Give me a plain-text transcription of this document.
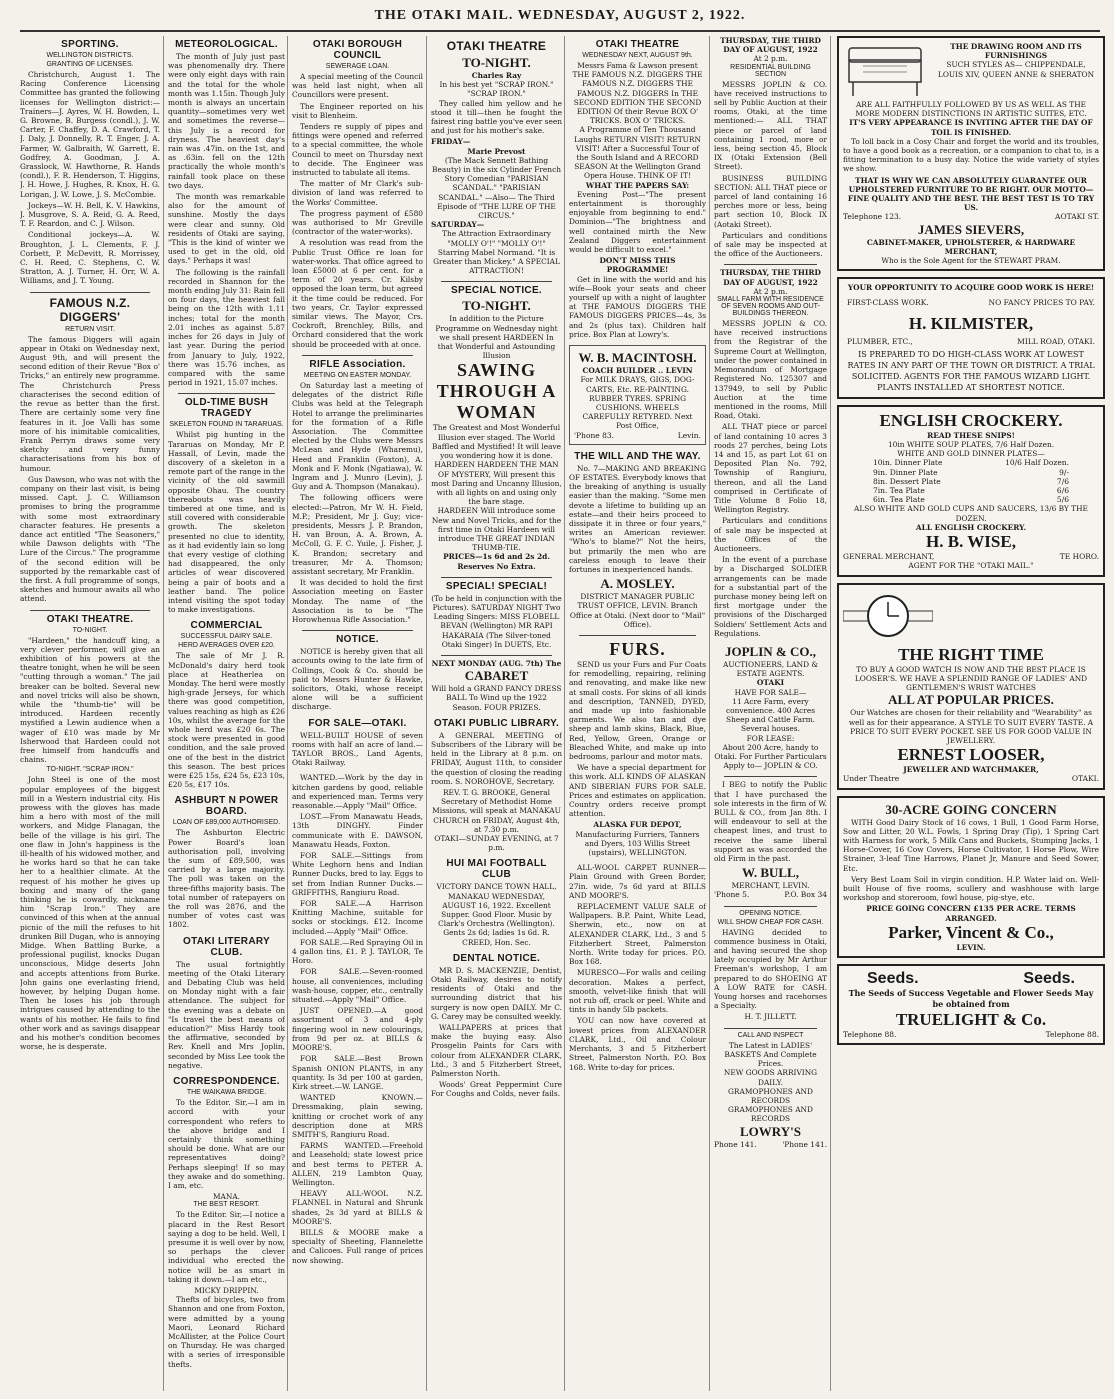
THE OTAKI MAIL. WEDNESDAY, AUGUST 2, 1922.
SPORTING.
WELLINGTON DISTRICTS.
GRANTING OF LICENSES.

Christchurch, August 1. The Racing Conference Licensing Committee has granted the following licenses for Wellington district:— Trainers—J. Ayres, W. H. Bowden, L. G. Browne, B. Burgess (condl.), J. W. Carter, F. Chaffey, D. A. Crawford, T. J. Daly, J. Donnelly, R. T. Enger, J. A. Farmer, W. Galbraith, W. Garrett, E. Godfrey, A. Goodman, J. A. Grasslock, W. Hawthorne, R. Hands (condl.), F. R. Henderson, T. Higgins, J. H. Howe, J. Hughes, R. Knox, H. G. Lorigan, J. W. Lowe, J. S. McCombie.

Jockeys—W. H. Bell, K. V. Hawkins, J. Musgrove, S. A. Reid, G. A. Reed, T. F. Reardon, and C. J. Wilson.

Conditional jockeys—A. W. Broughton, J. L. Clements, F. J. Corbett, P. McDevitt, R. Morrissey, C. H. Reed, C. Stephens, C. W. Stratton, A. J. Turner, H. Orr, W. A. Williams, and J. T. Young.

FAMOUS N.Z. DIGGERS'
RETURN VISIT.

The famous Diggers will again appear in Otaki on Wednesday next, August 9th, and will present the second edition of their Revue "Box o' Tricks," an entirely new programme. The Christchurch Press characterises the second edition of the revue as better than the first. There are certainly some very fine features in it. Joe Valli has some more of his inimitable comicalities, Frank Perryn draws some very sketchy and very funny characterisations from his box of humour.

Gus Dawson, who was not with the company on their last visit, is being missed. Capt. J. C. Williamson promises to bring the programme with some most extraordinary character features. He presents a dance act entitled "The Seasoners," while Dawson delights with "The Lure of the Circus." The programme of the second edition will be supported by the remarkable cast of the first. A full programme of songs, sketches and humour awaits all who attend.

OTAKI THEATRE.
TO-NIGHT.

"Hardeen," the handcuff king, a very clever performer, will give an exhibition of his powers at the theatre tonight, when he will be seen "cutting through a woman." The jail breaker can be bolted. Several new and novel tricks will also be shown, while the "thumb-tie" will be introduced. Hardeen recently mystified a Lewin audience when a wager of £10 was made by Mr Isherwood that Hardeen could not free himself from handcuffs and chains.

TO-NIGHT. "SCRAP IRON."

John Steel is one of the most popular employees of the biggest mill in a Western industrial city. His prowess with the gloves has made him a hero with most of the mill workers, and Midge Flanagan, the belle of the village is his girl. The one flaw in John's happiness is the ill-health of his widowed mother, and he works hard so that he can take her to a healthier climate. At the request of his mother he gives up boxing and many of the gang thinking he is cowardly, nickname him "Scrap Iron." They are convinced of this when at the annual picnic of the mill the refuses to hit drunken Bill Dugan, who is annoying Midge. When Battling Burke, a professional pugilist, knocks Dugan unconscious, Midge deserts John and accepts attentions from Burke. John gains one everlasting friend, however, by helping Dugan home. Then he loses his job through intrigues caused by attending to the wants of his mother. He fails to find other work and as savings disappear and his mother's condition becomes worse, he is desperate.

METEOROLOGICAL.

The month of July just past was phenomenally dry. There were only eight days with rain and the total for the whole month was 1.15in. Though July month is always an uncertain quantity—sometimes very wet and sometimes the reverse—this July is a record for dryness. The heaviest day's rain was .47in. on the 1st, and as .63in. fell on the 12th practically the whole month's rainfall took place on these two days.

The month was remarkable also for the amount of sunshine. Mostly the days were clear and sunny. Old residents of Otaki are saying, "This is the kind of winter we used to get in the old, old days." Perhaps it was!

The following is the rainfall recorded in Shannon for the month ending July 31: Rain fell on four days, the heaviest fall being on the 12th with 1.11 inches; total for the month 2.01 inches as against 5.87 inches for 26 days in July of last year. During the period from January to July, 1922, there was 15.76 inches, as compared with the same period in 1921, 15.07 inches.

OLD-TIME BUSH TRAGEDY
SKELETON FOUND IN TARARUAS.

Whilst pig hunting in the Tararuas on Monday, Mr P. Hassall, of Levin, made the discovery of a skeleton in a remote part of the range in the vicinity of the old sawmill opposite Ohau. The country thereabouts was heavily timbered at one time, and is still covered with considerable growth. The skeleton presented no clue to identity, as it had evidently lain so long that every vestige of clothing had disappeared, the only articles of wear discovered being a pair of boots and a leather band. The police intend visiting the spot today to make investigations.

COMMERCIAL
SUCCESSFUL DAIRY SALE.
HERD AVERAGES OVER £20.

The sale of Mr J. R. McDonald's dairy herd took place at Heatherlea on Monday. The herd were mostly high-grade Jerseys, for which there was good competition, values reaching as high as £26 10s, whilst the average for the whole herd was £20 6s. The stock were presented in good condition, and the sale proved one of the best in the district this season. The best prices were £25 15s, £24 5s, £23 10s, £20 5s, £17 10s.

ASHBURT N POWER BOARD.
LOAN OF £89,000 AUTHORISED.

The Ashburton Electric Power Board's loan authorisation poll, involving the sum of £89,500, was carried by a large majority. The poll was taken on the three-fifths majority basis. The total number of ratepayers on the roll was 2876, and the number of votes cast was 1802.

OTAKI LITERARY CLUB.

The usual fortnightly meeting of the Otaki Literary and Debating Club was held on Monday night with a fair attendance. The subject for the evening was a debate on "Is travel the best means of education?" Miss Hardy took the affirmative, seconded by Rev. Knell and Mrs Joplin, seconded by Miss Lee took the negative.

CORRESPONDENCE.
THE WAIKAWA BRIDGE.

To the Editor. Sir,—I am in accord with your correspondent who refers to the above bridge and I certainly think something should be done. What are our representatives doing? Perhaps sleeping! If so may they awake and do something. I am, etc.

MANA.

THE BEST RESORT.

To the Editor. Sir,—I notice a placard in the Rest Resort saying a dog to be held. Well, I presume it is well over by now, so perhaps the clever individual who erected the notice will be as smart in taking it down.—I am etc.,

MICKY DRIPPIN.

Thefts of bicycles, two from Shannon and one from Foxton, were admitted by a young Maori, Leonard Richard McAllister, at the Police Court on Thursday. He was charged with a series of irresponsible thefts.

OTAKI BOROUGH COUNCIL
SEWERAGE LOAN.

A special meeting of the Council was held last night, when all Councillors were present.

The Engineer reported on his visit to Blenheim.

Tenders re supply of pipes and fittings were opened and referred to a special committee, the whole Council to meet on Thursday next to decide. The Engineer was instructed to tabulate all items.

The matter of Mr Clark's sub-division of land was referred to the Works' Committee.

The progress payment of £580 was authorised to Mr Greville (contractor of the water-works).

A resolution was read from the Public Trust Office re loan for water-works. That office agreed to loan £5000 at 6 per cent. for a term of 20 years. Cr. Kilsby opposed the loan term, but agreed it the time could be reduced. For two years, Cr. Taylor expressed similar views. The Mayor, Crs. Cockroft, Brenchley, Bills, and Orchard considered that the work should be proceeded with at once.

RIFLE Association.
MEETING ON EASTER MONDAY.

On Saturday last a meeting of delegates of the district Rifle Clubs was held at the Telegraph Hotel to arrange the preliminaries for the formation of a Rifle Association. The Committee elected by the Clubs were Messrs McLean and Hyde (Wharemu), Heed and Franklin (Foxton), A. Monk and F. Monk (Ngatiawa), W. Ingram and J. Munro (Levin), J. Guy and A. Thompson (Manakau).

The following officers were elected:—Patron, Mr W. H. Field, M.P.; President, Mr J. Guy; vice-presidents, Messrs J. P. Brandon, H. van Broun, A. A. Brown, A. McColl, G. F. C. Yuile, J. Fisher, J. K. Brandon; secretary and treasurer, Mr A. Thomson; assistant secretary, Mr Franklin.

It was decided to hold the first Association meeting on Easter Monday. The name of the Association is to be "The Horowhenua Rifle Association."

NOTICE.

NOTICE is hereby given that all accounts owing to the late firm of Collings, Cook & Co. should be paid to Messrs Hunter & Hawke, solicitors, Otaki, whose receipt alone will be a sufficient discharge.

FOR SALE—OTAKI.

WELL-BUILT HOUSE of seven rooms with half an acre of land.—TAYLOR BROS., Land Agents, Otaki Railway.

WANTED.—Work by the day in kitchen gardens by good, reliable and experienced man. Terms very reasonable.—Apply "Mail" Office.

LOST.—From Manawatu Heads, 13th DINGHY. Finder communicate with E. DAWSON, Manawatu Heads, Foxton.

FOR SALE.—Sittings from White Leghorn hens and Indian Runner Ducks, bred to lay. Eggs to set from Indian Runner Ducks.—GRIFFITHS, Rangiuru Road.

FOR SALE.—A Harrison Knitting Machine, suitable for socks or stockings. £12. Income included.—Apply "Mail" Office.

FOR SALE.—Red Spraying Oil in 4 gallon tins, £1. P. J. TAYLOR, Te Horo.

FOR SALE.—Seven-roomed house, all conveniences, including wash-house, copper, etc., centrally situated.—Apply "Mail" Office.

JUST OPENED.—A good assortment of 3 and 4-ply fingering wool in new colourings, from 9d per oz. at BILLS & MOORE'S.

FOR SALE.—Best Brown Spanish ONION PLANTS, in any quantity. Is 3d per 100 at garden, Kirk street.—W. LANGE.

WANTED KNOWN.—Dressmaking, plain sewing, knitting or crochet work of any description done at MRS SMITH'S, Rangiuru Road.

FARMS WANTED.—Freehold and Leasehold; state lowest price and best terms to PETER A. ALLEN, 219 Lambton Quay, Wellington.

HEAVY ALL-WOOL N.Z. FLANNEL in Natural and Shrunk shades, 2s 3d yard at BILLS & MOORE'S.

BILLS & MOORE make a specialty of Sheeting, Flannelette and Calicoes. Full range of prices now showing.

OTAKI THEATRE
TO-NIGHT.

Charles Ray

In his best yet "SCRAP IRON." "SCRAP IRON."

They called him yellow and he stood it till—then he fought the fairest ring battle you've ever seen and just for his mother's sake.

FRIDAY—

Marie Prevost

(The Mack Sennett Bathing Beauty) in the six Cylinder French Story Comedian "PARISIAN SCANDAL." "PARISIAN SCANDAL." —Also— The Third Episode of "THE LURE OF THE CIRCUS."

SATURDAY—

The Attraction Extraordinary "MOLLY O'!" "MOLLY O'!" Starring Mabel Normand. "It is Greater than Mickey." A SPECIAL ATTRACTION!

SPECIAL NOTICE.
TO-NIGHT.

In addition to the Picture Programme on Wednesday night we shall present HARDEEN In that Wonderful and Astounding Illusion

SAWING THROUGH A WOMAN

The Greatest and Most Wonderful Illusion ever staged. The World Baffled and Mystified! It will leave you wondering how it is done. HARDEEN HARDEEN THE MAN OF MYSTERY, Will present this most Daring and Uncanny Illusion, with all lights on and using only the bare stage.

HARDEEN Will introduce some New and Novel Tricks, and for the first time in Otaki Hardeen will introduce THE GREAT INDIAN THUMB-TIE.

PRICES—1s 6d and 2s 2d. Reserves No Extra.

SPECIAL! SPECIAL!

(To be held in conjunction with the Pictures). SATURDAY NIGHT Two Leading Singers: MISS FLOBELL BEVAN (Wellington) MR RAPI HAKARAIA (The Silver-toned Otaki Singer) In DUETS, Etc.

NEXT MONDAY (AUG. 7th) The

CABARET

Will hold a GRAND FANCY DRESS BALL To Wind up the 1922 Season. FOUR PRIZES.

OTAKI PUBLIC LIBRARY.

A GENERAL MEETING of Subscribers of the Library will be held in the Library at 8 p.m. on FRIDAY, August 11th, to consider the question of closing the reading room. S. NOROHOVE, Secretary.

REV. T. G. BROOKE, General Secretary of Methodist Home Missions, will speak at MANAKAU CHURCH on FRIDAY, August 4th, at 7.30 p.m.

OTAKI—SUNDAY EVENING, at 7 p.m.

HUI MAI FOOTBALL CLUB

VICTORY DANCE TOWN HALL, MANAKAU WEDNESDAY, AUGUST 16, 1922. Excellent Supper. Good Floor. Music by Clark's Orchestra (Wellington). Gents 2s 6d; ladies 1s 6d. R. CREED, Hon. Sec.

DENTAL NOTICE.

MR D. S. MACKENZIE, Dentist, Otaki Railway, desires to notify residents of Otaki and the surrounding district that his surgery is now open DAILY. Mr C. G. Carey may be consulted weekly.

WALLPAPERS at prices that make the buying easy. Also Prosgelin Paints for Cars with colour from ALEXANDER CLARK, Ltd., 3 and 5 Fitzherbert Street, Palmerston North.

Woods' Great Peppermint Cure For Coughs and Colds, never fails.

OTAKI THEATRE
WEDNESDAY NEXT, AUGUST 9th.

Messrs Fama & Lawson present THE FAMOUS N.Z. DIGGERS THE FAMOUS N.Z. DIGGERS THE FAMOUS N.Z. DIGGERS In THE SECOND EDITION THE SECOND EDITION Of their Revue BOX O' TRICKS. BOX O' TRICKS.

A Programme of Ten Thousand Laughs RETURN VISIT! RETURN VISIT! After a Successful Tour of the South Island and A RECORD SEASON At the Wellington Grand Opera House. THINK OF IT!

WHAT THE PAPERS SAY:

Evening Post—"The present entertainment is thoroughly enjoyable from beginning to end." Dominion—"The brightness and well contained mirth the New Zealand Diggers entertainment would be difficult to excel."

DON'T MISS THIS PROGRAMME!

Get in line with the world and his wife—Book your seats and cheer yourself up with a night of laughter at THE FAMOUS DIGGERS THE FAMOUS DIGGERS PRICES—4s, 3s and 2s (plus tax). Children half price. Box Plan at Lowry's.

W. B. MACINTOSH.

COACH BUILDER .. LEVIN

For MILK DRAYS, GIGS, DOG-CARTS, Etc. RE-PAINTING. RUBBER TYRES. SPRING CUSHIONS. WHEELS CAREFULLY RETYRED. Next Post Office,

'Phone 83.	Levin.
THE WILL AND THE WAY.

No. 7—MAKING AND BREAKING OF ESTATES. Everybody knows that the breaking of anything is usually easier than the making. "Some men devote a lifetime to building up an estate—and their heirs proceed to dissipate it in three or four years," writes an American reviewer. "Who's to blame?" Not the heirs, but primarily the men who are careless enough to leave their fortunes in inexperienced hands.

A. MOSLEY.

DISTRICT MANAGER PUBLIC TRUST OFFICE, LEVIN. Branch Office at Otaki. (Next door to "Mail" Office).

FURS.

SEND us your Furs and Fur Coats for remodelling, repairing, relining and renovating, and make like new at small costs. For skins of all kinds and description, TANNED, DYED, and made up into fashionable garments. We also tan and dye sheep and lamb skins, Black, Blue, Red, Yellow, Green, Orange or Bleached White, and make up into bedrooms, parlour and motor mats.

We have a special department for this work. ALL KINDS OF ALASKAN AND SIBERIAN FURS FOR SALE. Prices and estimates on application. Country orders receive prompt attention.

ALASKA FUR DEPOT,

Manufacturing Furriers, Tanners and Dyers, 103 Willis Street (upstairs), WELLINGTON.

ALL-WOOL CARPET RUNNER—Plain Ground with Green Border, 27in. wide, 7s 6d yard at BILLS AND MOORE'S.

REPLACEMENT VALUE SALE of Wallpapers. B.P. Paint, White Lead, Sherwin, etc., now on at ALEXANDER CLARK, Ltd., 3 and 5 Fitzherbert Street, Palmerston North. Write today for prices. P.O. Box 168.

MURESCO—For walls and ceiling decoration. Makes a perfect, smooth, velvet-like finish that will not rub off, crack or peel. White and tints in handy 5lb packets.

YOU can now have covered at lowest prices from ALEXANDER CLARK, Ltd., Oil and Colour Merchants, 3 and 5 Fitzherbert Street, Palmerston North. P.O. Box 168. Write to-day for prices.

THURSDAY, THE THIRD DAY OF AUGUST, 1922

At 2 p.m.

RESIDENTIAL BUILDING SECTION

MESSRS JOPLIN & CO. have received instructions to sell by Public Auction at their rooms, Otaki, at the time mentioned:— ALL THAT piece or parcel of land containing 1 rood, more or less, being section 45, Block IX (Otaki Extension (Bell Street).

BUSINESS BUILDING SECTION: ALL THAT piece or parcel of land containing 16 perches more or less, being part section 10, Block IX (Aotaki Street).

Particulars and conditions of sale may be inspected at the office of the Auctioneers.

THURSDAY, THE THIRD DAY OF AUGUST, 1922

At 2 p.m.

SMALL FARM WITH RESIDENCE OF SEVEN ROOMS AND OUT-BUILDINGS THEREON.

MESSRS JOPLIN & CO. have received instructions from the Registrar of the Supreme Court at Wellington, under the power contained in Memorandum of Mortgage Registered No. 125307 and 137949, to sell by Public Auction at the time mentioned in the rooms, Mill Road, Otaki.

ALL THAT piece or parcel of land containing 10 acres 3 roods 27 perches, being Lots 14 and 15, as part Lot 61 on Deposited Plan No. 792, Township of Rangiuru, thereon, and all the Land comprised in Certificate of Title Volume 8 Folio 18, Wellington Registry.

Particulars and conditions of sale may be inspected at the Offices of the Auctioneers.

In the event of a purchase by a Discharged SOLDIER arrangements can be made for a substantial part of the purchase money being left on first mortgage under the provisions of the Discharged Soldiers' Settlement Acts and Regulations.

JOPLIN & CO.,

AUCTIONEERS, LAND & ESTATE AGENTS.

OTAKI

HAVE FOR SALE—

11 Acre Farm, every convenience. 400 Acres Sheep and Cattle Farm. Several houses.

FOR LEASE:

About 200 Acre, handy to Otaki. For Further Particulars Apply to— JOPLIN & CO.

I BEG to notify the Public that I have purchased the sole interests in the firm of W. BULL & CO., from Jan 8th. I will endeavour to sell at the cheapest lines, and trust to receive the same liberal support as was accorded the old Firm in the past.

W. BULL,

MERCHANT, LEVIN.

'Phone 5.	P.O. Box 34
OPENING NOTICE.
WILL SHOW CHEAP FOR CASH.

HAVING decided to commence business in Otaki, and having secured the shop lately occupied by Mr Arthur Freeman's workshop, I am prepared to do SHOEING AT A LOW RATE for CASH. Young horses and racehorses a Specialty.

H. T. JILLETT.

CALL AND INSPECT

The Latest in LADIES' BASKETS And Complete Prices.

NEW GOODS ARRIVING DAILY.

GRAMOPHONES AND RECORDS

GRAMOPHONES AND RECORDS

LOWRY'S
Phone 141.	'Phone 141.

THE DRAWING ROOM AND ITS FURNISHINGS

SUCH STYLES AS— CHIPPENDALE, LOUIS XIV, QUEEN ANNE & SHERATON

ARE ALL FAITHFULLY FOLLOWED BY US AS WELL AS THE MORE MODERN DISTINCTIONS IN ARTISTIC SUITES, ETC.

IT'S VERY APPEARANCE IS INVITING AFTER THE DAY OF TOIL IS FINISHED.

To loll back in a Cosy Chair and forget the world and its troubles, to have a good book as a recreation, or a companion to chat to, is a fitting termination to a busy day. Notice the wide variety of styles we show.

THAT IS WHY WE CAN ABSOLUTELY GUARANTEE OUR UPHOLSTERED FURNITURE TO BE RIGHT. OUR MOTTO—FINE QUALITY AND THE BEST. THE BEST TEST IS TO TRY US.

Telephone 123.	AOTAKI ST.
JAMES SIEVERS,

CABINET-MAKER, UPHOLSTERER, & HARDWARE MERCHANT,

Who is the Sole Agent for the STEWART PRAM.

YOUR OPPORTUNITY TO ACQUIRE GOOD WORK IS HERE!

FIRST-CLASS WORK.	NO FANCY PRICES TO PAY.
H. KILMISTER,
PLUMBER, ETC.,	MILL ROAD, OTAKI.

IS PREPARED TO DO HIGH-CLASS WORK AT LOWEST RATES IN ANY PART OF THE TOWN OR DISTRICT. A TRIAL SOLICITED. AGENTS FOR THE FAMOUS WIZARD LIGHT. PLANTS INSTALLED AT SHORTEST NOTICE.

ENGLISH CROCKERY.

READ THESE SNIPS!

10in WHITE SOUP PLATES, 7/6 Half Dozen.

WHITE AND GOLD DINNER PLATES—

10in. Dinner Plate	10/6 Half Dozen.
9in. Dinner Plate	9/-
8in. Dessert Plate	7/6
7in. Tea Plate	6/6
6in. Tea Plate	5/6

ALSO WHITE AND GOLD CUPS AND SAUCERS, 13/6 BY THE DOZEN.

ALL ENGLISH CROCKERY.

H. B. WISE,
GENERAL MERCHANT,	TE HORO.

AGENT FOR THE "OTAKI MAIL."

THE RIGHT TIME

TO BUY A GOOD WATCH IS NOW AND THE BEST PLACE IS LOOSER'S. WE HAVE A SPLENDID RANGE OF LADIES' AND GENTLEMEN'S WRIST WATCHES

ALL AT POPULAR PRICES.

Our Watches are chosen for their reliability and "Wearability" as well as for their appearance. A STYLE TO SUIT EVERY TASTE. A PRICE TO SUIT EVERY POCKET. SEE US FOR GOOD VALUE IN JEWELLERY.

ERNEST LOOSER,

JEWELLER AND WATCHMAKER,

Under Theatre	OTAKI.
30-ACRE GOING CONCERN

WITH Good Dairy Stock of 16 cows, 1 Bull, 1 Good Farm Horse, Sow and Litter, 20 W.L. Fowls, 1 Spring Dray (Tip), 1 Spring Cart with Harness for work, 5 Milk Cans and Buckets, Stumping Jacks, 1 Horse-Cover, 16 Cow Covers, Horse Cultivator, 1 Horse Plow, Wire Strainer, 3-leaf Tine Harrows, Planet Jr, Manure and Seed Sower, Etc.

Very Best Loam Soil in virgin condition. H.P. Water laid on. Well-built House of five rooms, scullery and washhouse with large workshop and storeroom, fowl house, pig-stye, etc.

PRICE GOING CONCERN £135 PER ACRE. TERMS ARRANGED.

Parker, Vincent & Co.,

LEVIN.

Seeds.	Seeds.

The Seeds of Success Vegetable and Flower Seeds May be obtained from

TRUELIGHT & Co.
Telephone 88.	Telephone 88.
